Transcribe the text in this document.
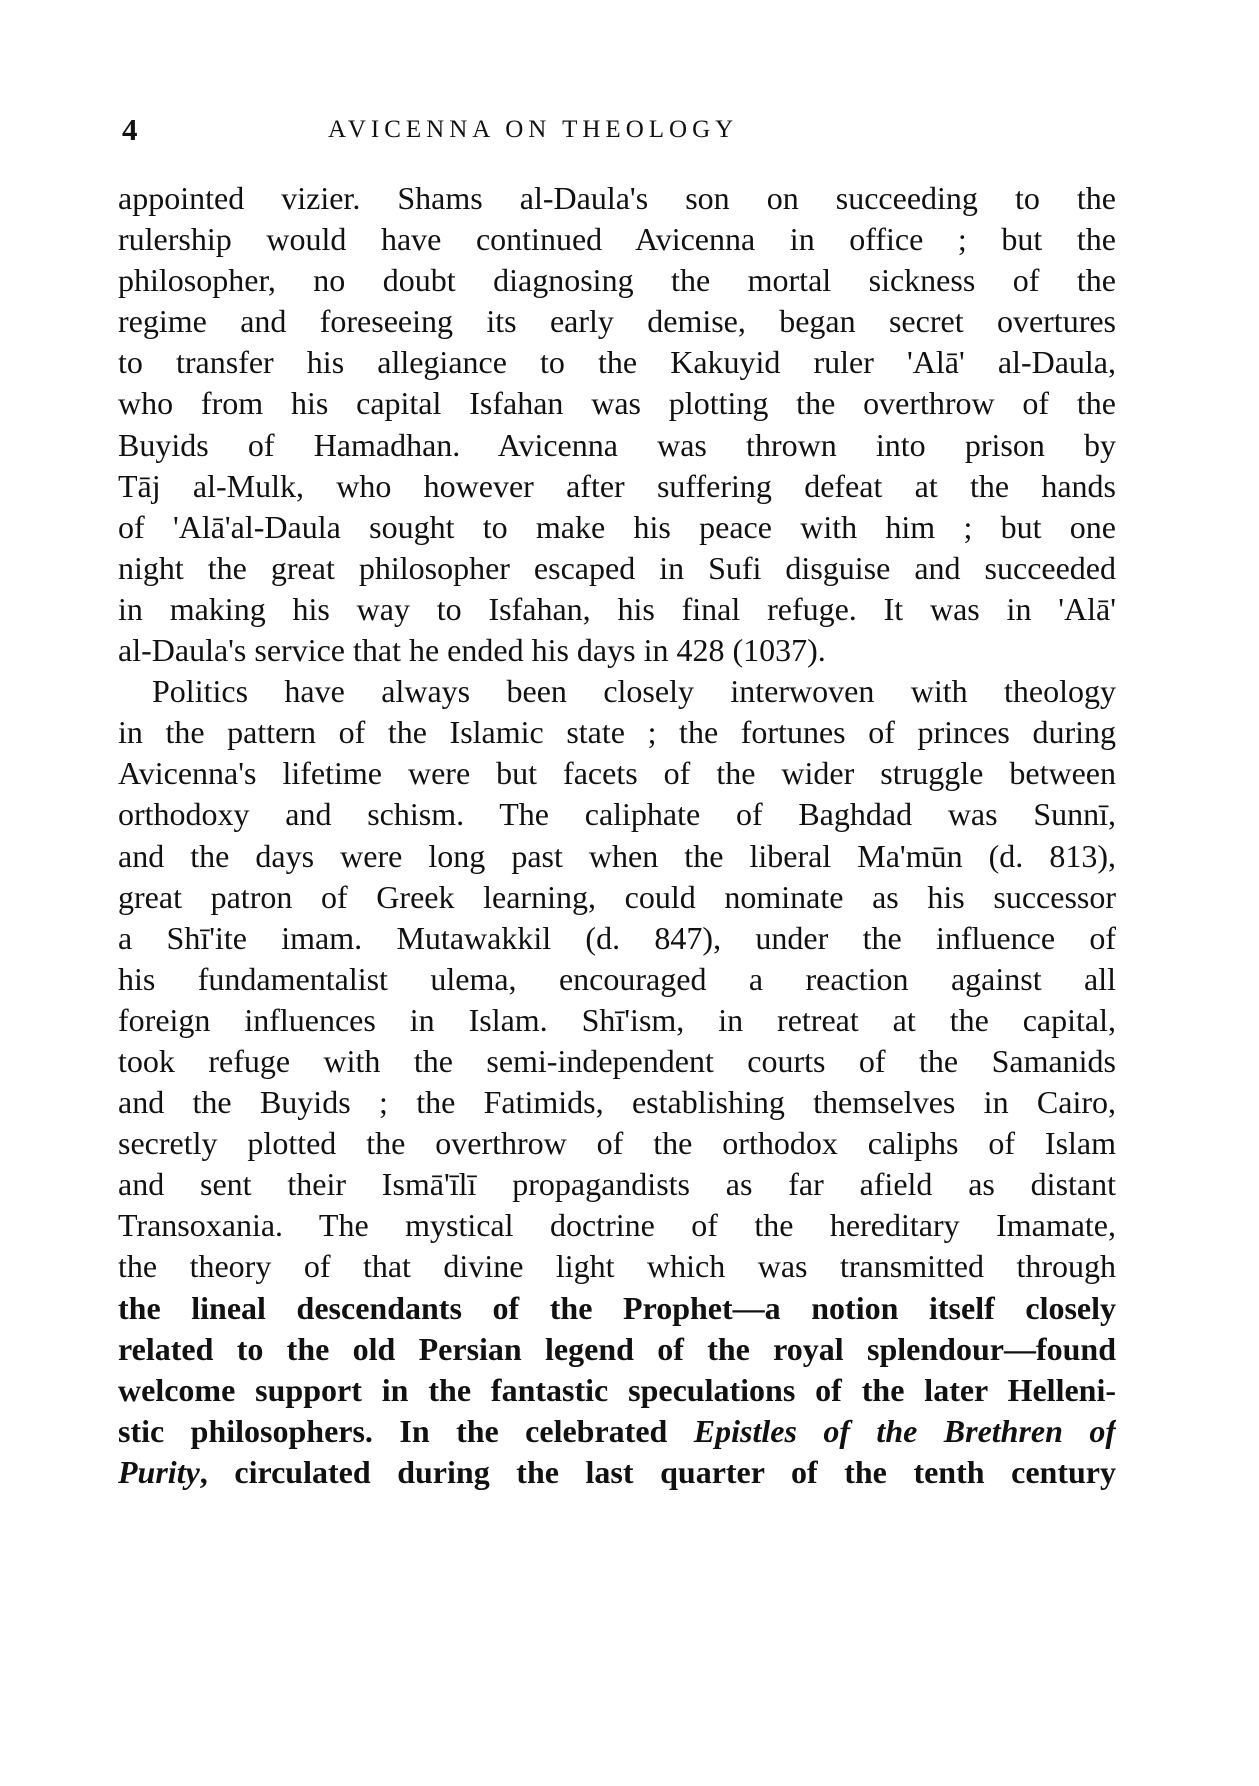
4	AVICENNA ON THEOLOGY
appointed vizier. Shams al-Daula's son on succeeding to the
rulership would have continued Avicenna in office ; but the
philosopher, no doubt diagnosing the mortal sickness of the
regime and foreseeing its early demise, began secret overtures
to transfer his allegiance to the Kakuyid ruler 'Alā' al-Daula,
who from his capital Isfahan was plotting the overthrow of the
Buyids of Hamadhan. Avicenna was thrown into prison by
Tāj al-Mulk, who however after suffering defeat at the hands
of 'Alā'al-Daula sought to make his peace with him ; but one
night the great philosopher escaped in Sufi disguise and succeeded
in making his way to Isfahan, his final refuge. It was in 'Alā'
al-Daula's service that he ended his days in 428 (1037).
Politics have always been closely interwoven with theology
in the pattern of the Islamic state ; the fortunes of princes during
Avicenna's lifetime were but facets of the wider struggle between
orthodoxy and schism. The caliphate of Baghdad was Sunnī,
and the days were long past when the liberal Ma'mūn (d. 813),
great patron of Greek learning, could nominate as his successor
a Shī'ite imam. Mutawakkil (d. 847), under the influence of
his fundamentalist ulema, encouraged a reaction against all
foreign influences in Islam. Shī'ism, in retreat at the capital,
took refuge with the semi-independent courts of the Samanids
and the Buyids ; the Fatimids, establishing themselves in Cairo,
secretly plotted the overthrow of the orthodox caliphs of Islam
and sent their Ismā'īlī propagandists as far afield as distant
Transoxania. The mystical doctrine of the hereditary Imamate,
the theory of that divine light which was transmitted through
the lineal descendants of the Prophet—a notion itself closely
related to the old Persian legend of the royal splendour—found
welcome support in the fantastic speculations of the later Helleni-
stic philosophers. In the celebrated Epistles of the Brethren of
Purity, circulated during the last quarter of the tenth century
